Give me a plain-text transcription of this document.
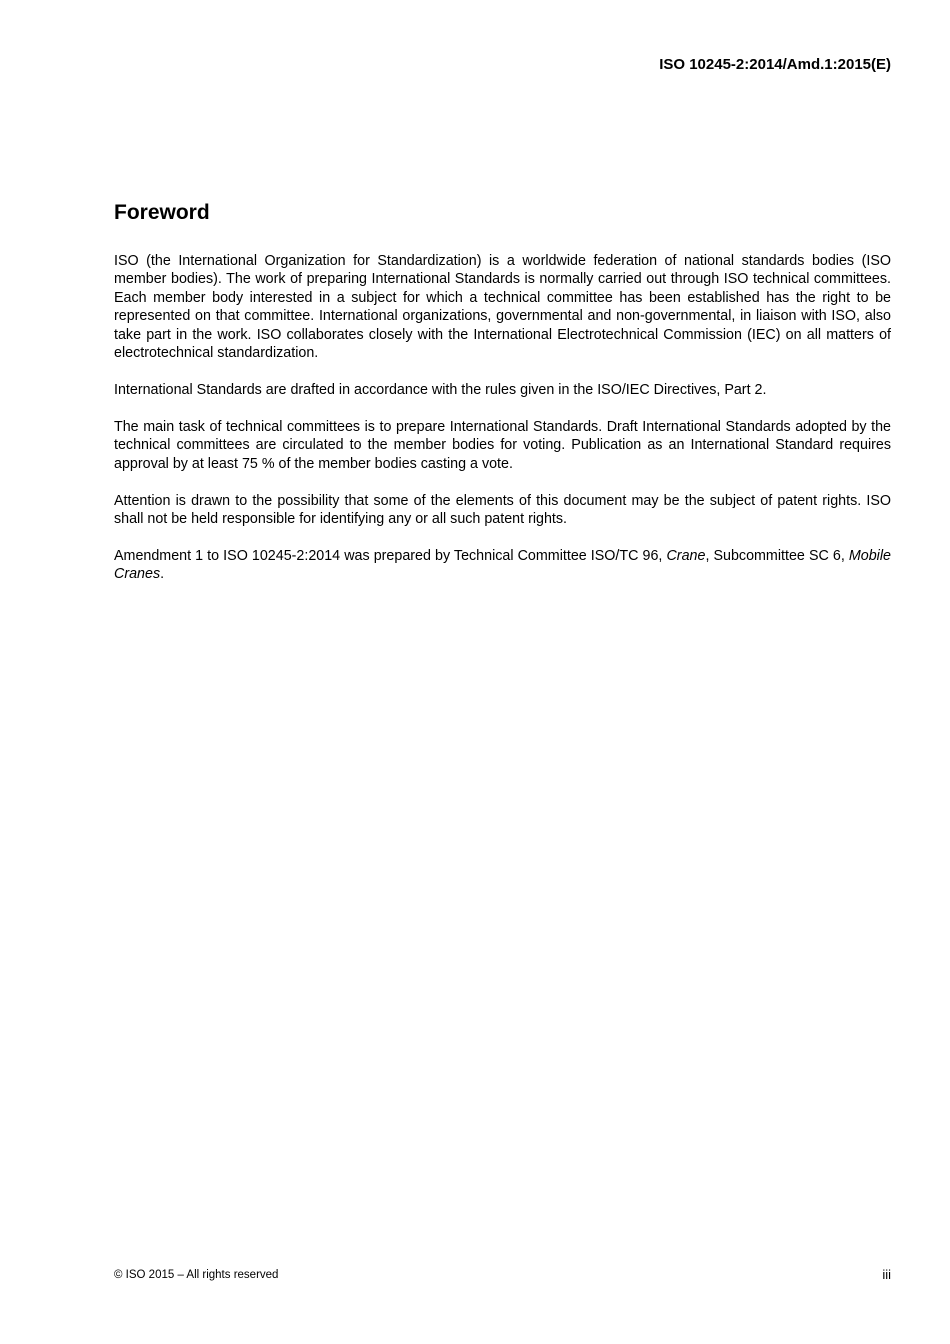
ISO 10245-2:2014/Amd.1:2015(E)

Foreword

ISO (the International Organization for Standardization) is a worldwide federation of national standards bodies (ISO member bodies). The work of preparing International Standards is normally carried out through ISO technical committees. Each member body interested in a subject for which a technical committee has been established has the right to be represented on that committee. International organizations, governmental and non-governmental, in liaison with ISO, also take part in the work. ISO collaborates closely with the International Electrotechnical Commission (IEC) on all matters of electrotechnical standardization.

International Standards are drafted in accordance with the rules given in the ISO/IEC Directives, Part 2.

The main task of technical committees is to prepare International Standards. Draft International Standards adopted by the technical committees are circulated to the member bodies for voting. Publication as an International Standard requires approval by at least 75 % of the member bodies casting a vote.

Attention is drawn to the possibility that some of the elements of this document may be the subject of patent rights. ISO shall not be held responsible for identifying any or all such patent rights.

Amendment 1 to ISO 10245-2:2014 was prepared by Technical Committee ISO/TC 96, Crane, Subcommittee SC 6, Mobile Cranes.

© ISO 2015 – All rights reserved	iii
